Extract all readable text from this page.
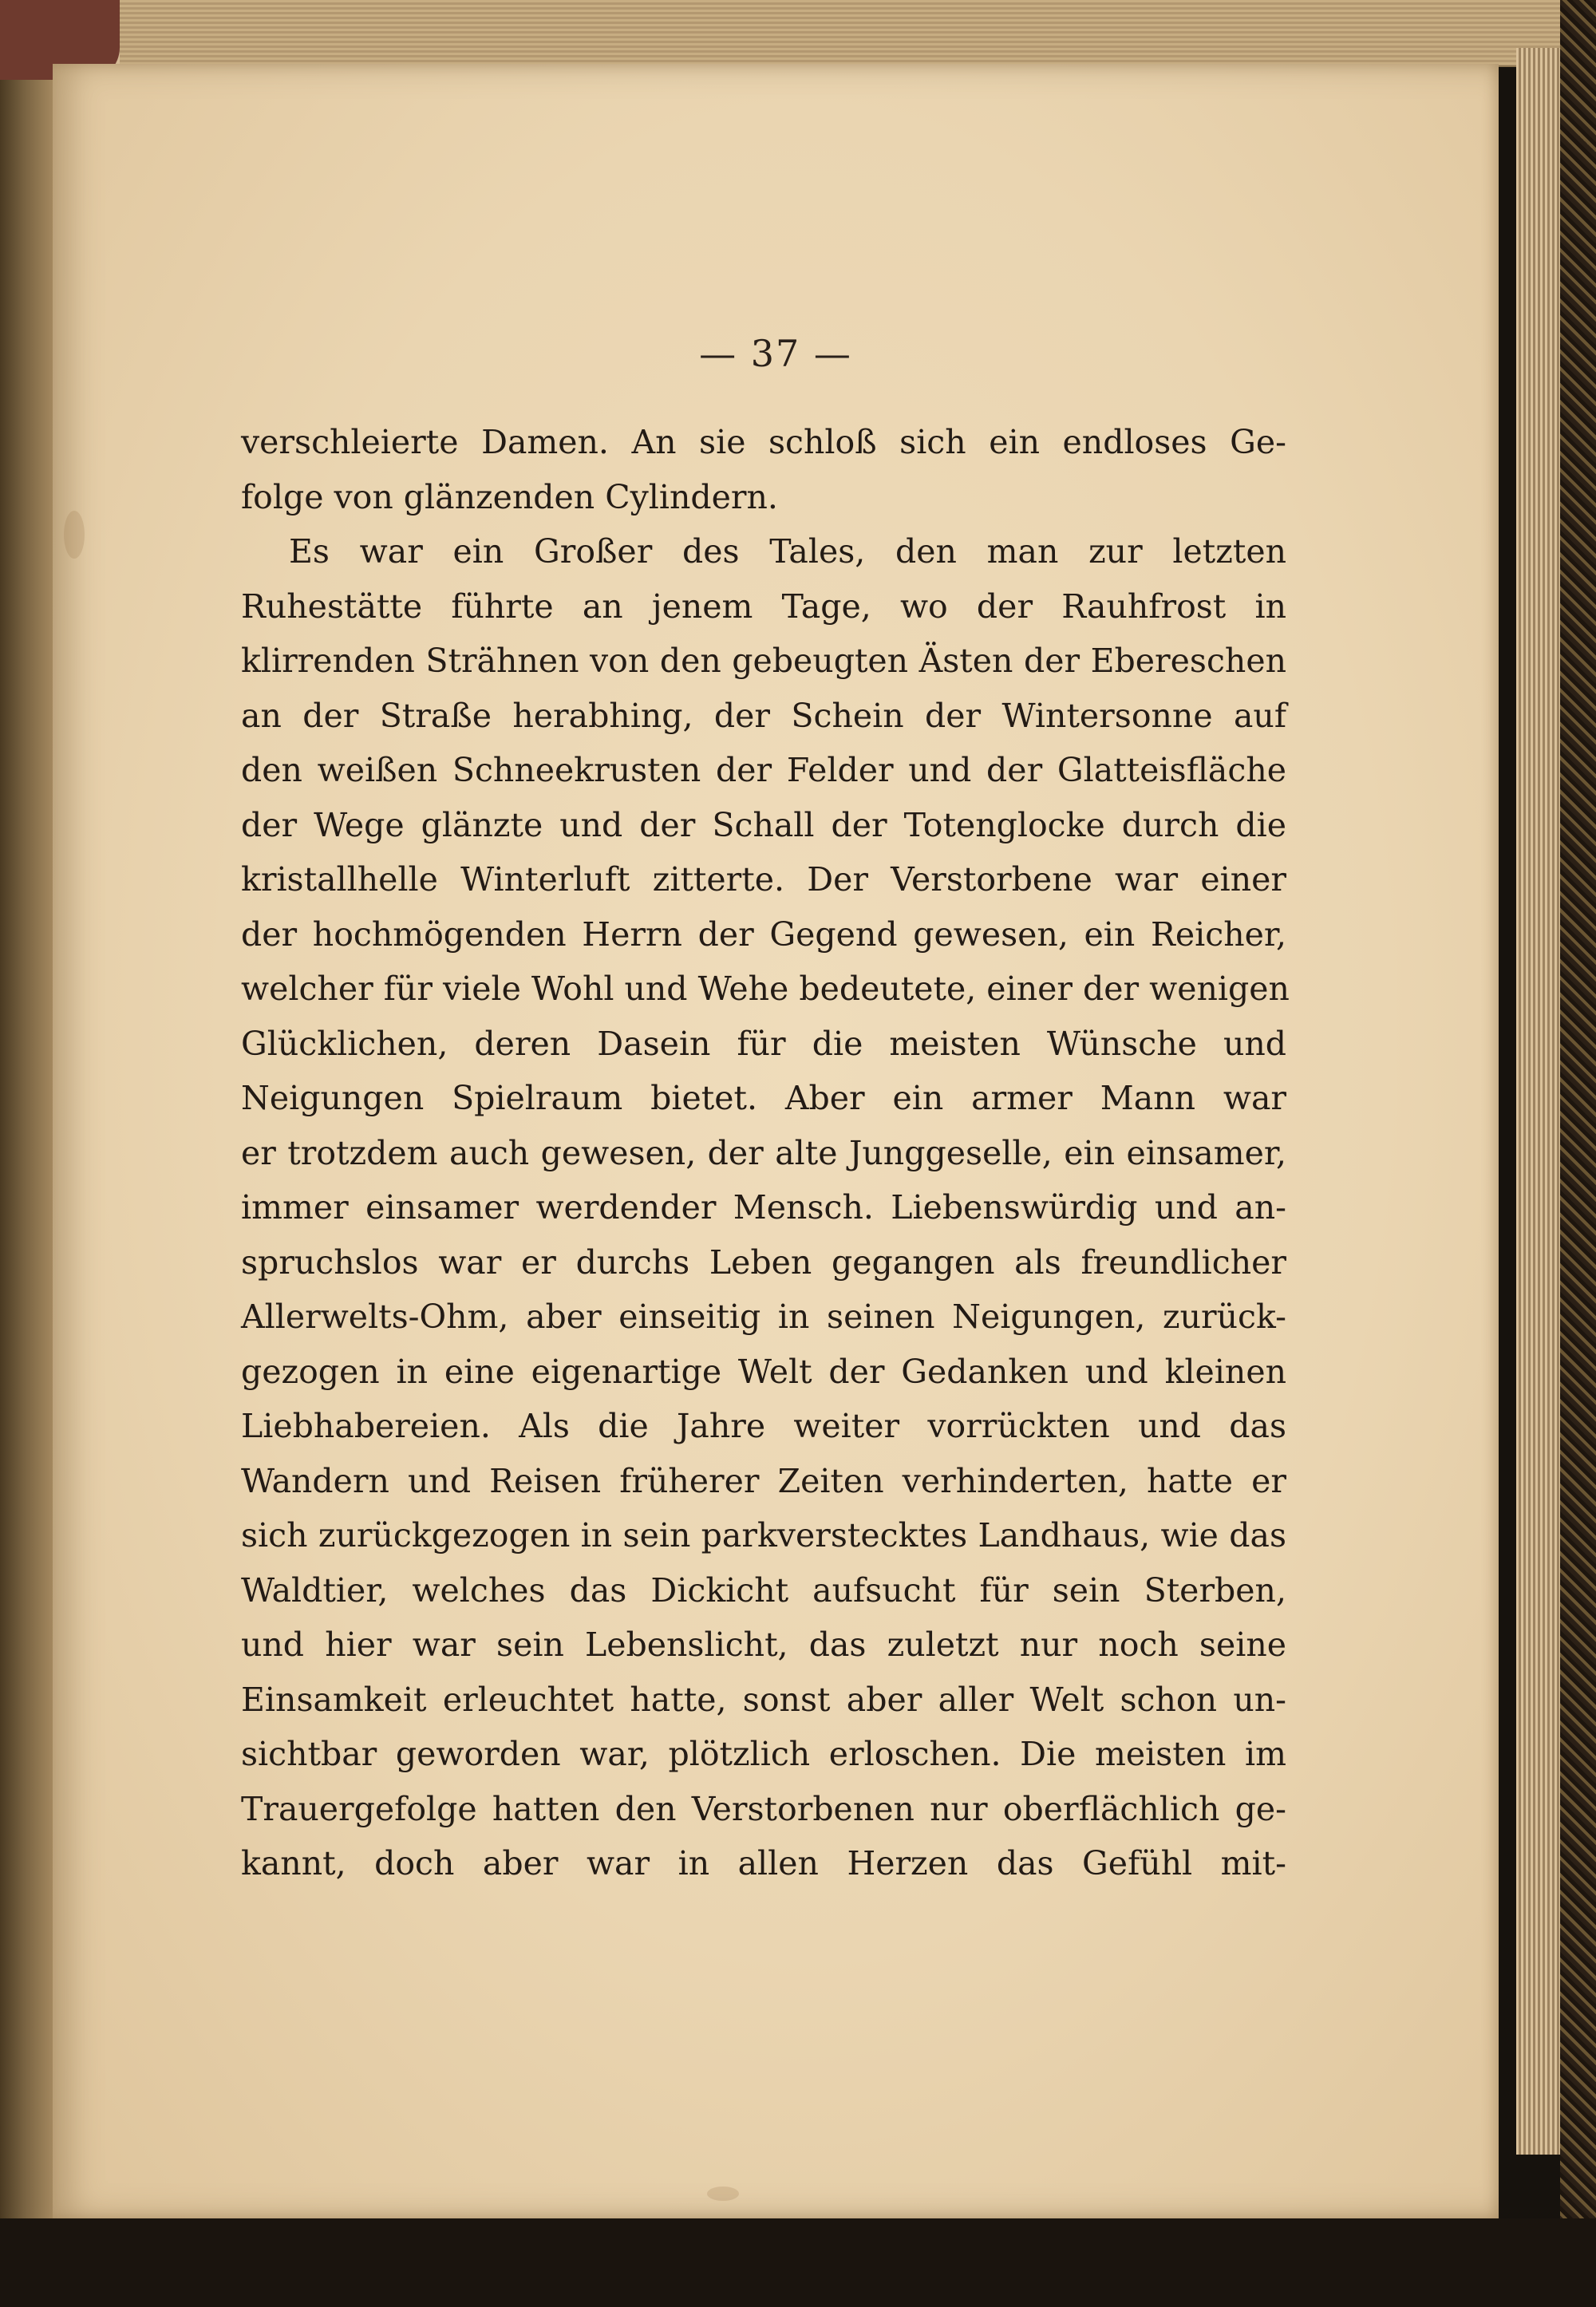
— 37 —
verschleierte Damen. An sie schloß sich ein endloses Ge-
folge von glänzenden Cylindern.
Es war ein Großer des Tales, den man zur letzten
Ruhestätte führte an jenem Tage, wo der Rauhfrost in
klirrenden Strähnen von den gebeugten Ästen der Ebereschen
an der Straße herabhing, der Schein der Wintersonne auf
den weißen Schneekrusten der Felder und der Glatteisfläche
der Wege glänzte und der Schall der Totenglocke durch die
kristallhelle Winterluft zitterte. Der Verstorbene war einer
der hochmögenden Herrn der Gegend gewesen, ein Reicher,
welcher für viele Wohl und Wehe bedeutete, einer der wenigen
Glücklichen, deren Dasein für die meisten Wünsche und
Neigungen Spielraum bietet. Aber ein armer Mann war
er trotzdem auch gewesen, der alte Junggeselle, ein einsamer,
immer einsamer werdender Mensch. Liebenswürdig und an-
spruchslos war er durchs Leben gegangen als freundlicher
Allerwelts-Ohm, aber einseitig in seinen Neigungen, zurück-
gezogen in eine eigenartige Welt der Gedanken und kleinen
Liebhabereien. Als die Jahre weiter vorrückten und das
Wandern und Reisen früherer Zeiten verhinderten, hatte er
sich zurückgezogen in sein parkverstecktes Landhaus, wie das
Waldtier, welches das Dickicht aufsucht für sein Sterben,
und hier war sein Lebenslicht, das zuletzt nur noch seine
Einsamkeit erleuchtet hatte, sonst aber aller Welt schon un-
sichtbar geworden war, plötzlich erloschen. Die meisten im
Trauergefolge hatten den Verstorbenen nur oberflächlich ge-
kannt, doch aber war in allen Herzen das Gefühl mit-
